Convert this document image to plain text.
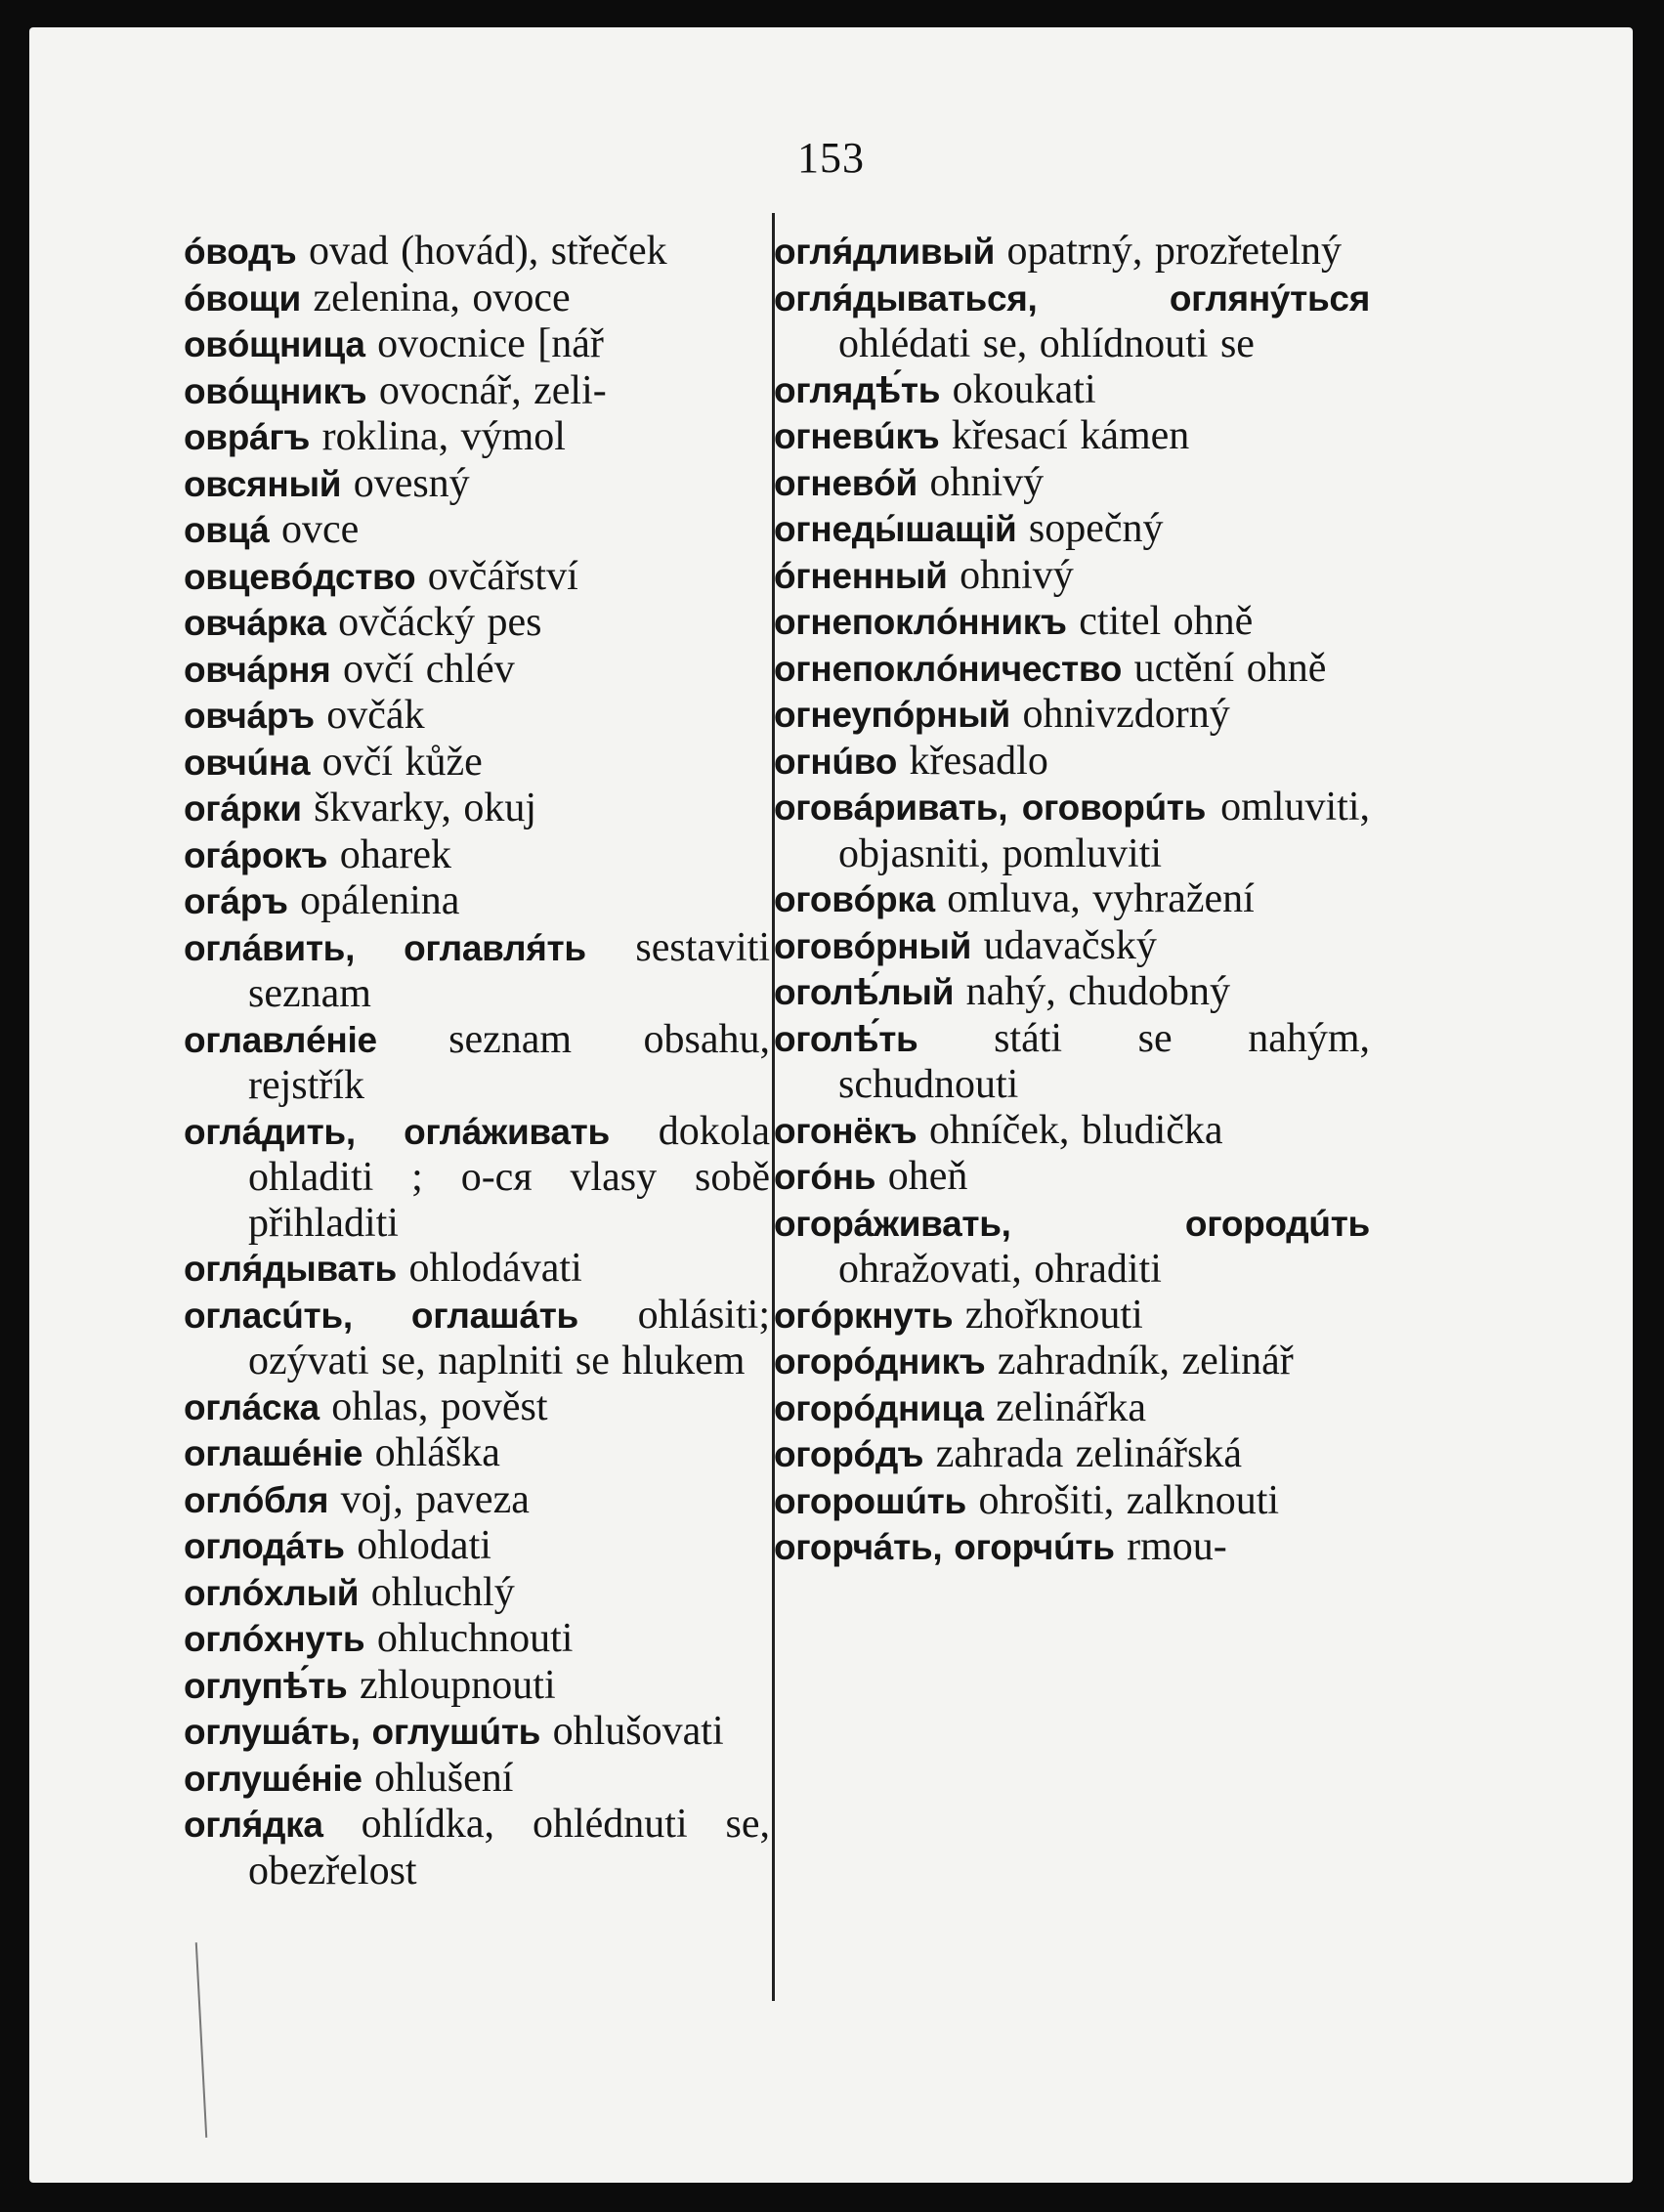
153
óводъ ovad (hovád), střeček
óвощи zelenina, ovoce
овóщница ovocnice [nář
овóщникъ ovocnář, zeli-
оврáгъ roklina, výmol
овсяный ovesný
овцá ovce
овцевóдство ovčářství
овчáрка ovčácký pes
овчáрня ovčí chlév
овчáръ ovčák
овчúна ovčí kůže
огáрки škvarky, okuj
огáрокъ oharek
огáръ opálenina
оглáвить, оглавля́ть sestaviti seznam
оглавлéніе seznam obsahu, rejstřík
оглáдить, оглáживать dokola ohladiti ; о-ся vlasy sobě přihladiti
огля́дывать ohlodávati
огласúть, оглашáть ohlásiti; ozývati se, naplniti se hlukem
оглáска ohlas, pověst
оглашéніе ohláška
оглóбля voj, paveza
оглодáть ohlodati
оглóхлый ohluchlý
оглóхнуть ohluchnouti
оглупѣ́ть zhloupnouti
оглушáть, оглушúть ohlušovati
оглушéніе ohlušení
огля́дка ohlídka, ohlédnuti se, obezřelost
огля́дливый opatrný, prozřetelný
огля́дываться, огляну́ться ohlédati se, ohlídnouti se
оглядѣ́ть okoukati
огневúкъ křesací kámen
огневóй ohnivý
огнеды́шащій sopečný
óгненный ohnivý
огнепоклóнникъ ctitel ohně
огнепоклóничество uctění ohně
огнеупóрный ohnivzdorný
огнúво křesadlo
оговáривать, оговорúть omluviti, objasniti, pomluviti
оговóрка omluva, vyhražení
оговóрный udavačský
оголѣ́лый nahý, chudobný
оголѣ́ть státi se nahým, schudnouti
огонёкъ ohníček, bludička
огóнь oheň
огорáживать, огородúть ohražovati, ohraditi
огóркнуть zhořknouti
огорóдникъ zahradník, zelinář
огорóдница zelinářka
огорóдъ zahrada zelinářská
огорошúть ohrošiti, zalknouti
огорчáть, огорчúть rmou-
